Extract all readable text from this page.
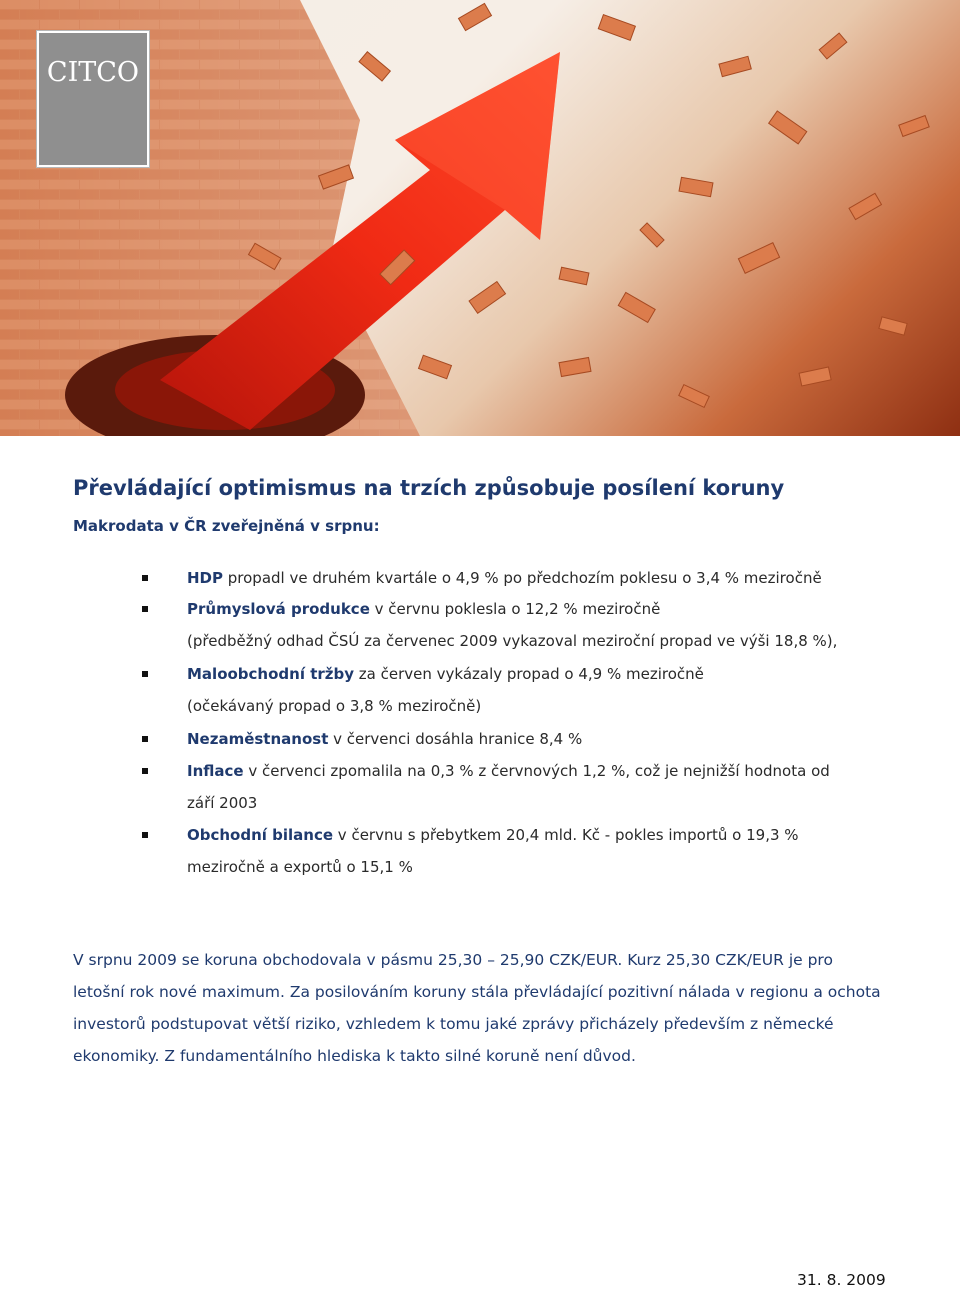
CITCO
Převládající optimismus na trzích způsobuje posílení koruny
Makrodata v ČR zveřejněná v srpnu:
HDP propadl ve druhém kvartále o 4,9 % po předchozím poklesu o 3,4 % meziročně
Průmyslová produkce v červnu poklesla o 12,2 % meziročně
(předběžný odhad ČSÚ za červenec 2009 vykazoval meziroční propad ve výši 18,8 %),
Maloobchodní tržby za červen vykázaly propad o 4,9 % meziročně
(očekávaný propad o 3,8 % meziročně)
Nezaměstnanost v červenci dosáhla hranice 8,4 %
Inflace v červenci zpomalila na 0,3 % z červnových 1,2 %, což je nejnižší hodnota od
září 2003
Obchodní bilance v červnu s přebytkem 20,4 mld. Kč - pokles importů o 19,3 %
meziročně a exportů o 15,1 %
V srpnu 2009 se koruna obchodovala v pásmu 25,30 – 25,90 CZK/EUR. Kurz 25,30 CZK/EUR je pro
letošní rok nové maximum. Za posilováním koruny stála převládající pozitivní nálada v regionu a ochota
investorů podstupovat větší riziko, vzhledem k tomu jaké zprávy přicházely především z německé
ekonomiky. Z fundamentálního hlediska k takto silné koruně není důvod.
31. 8. 2009
